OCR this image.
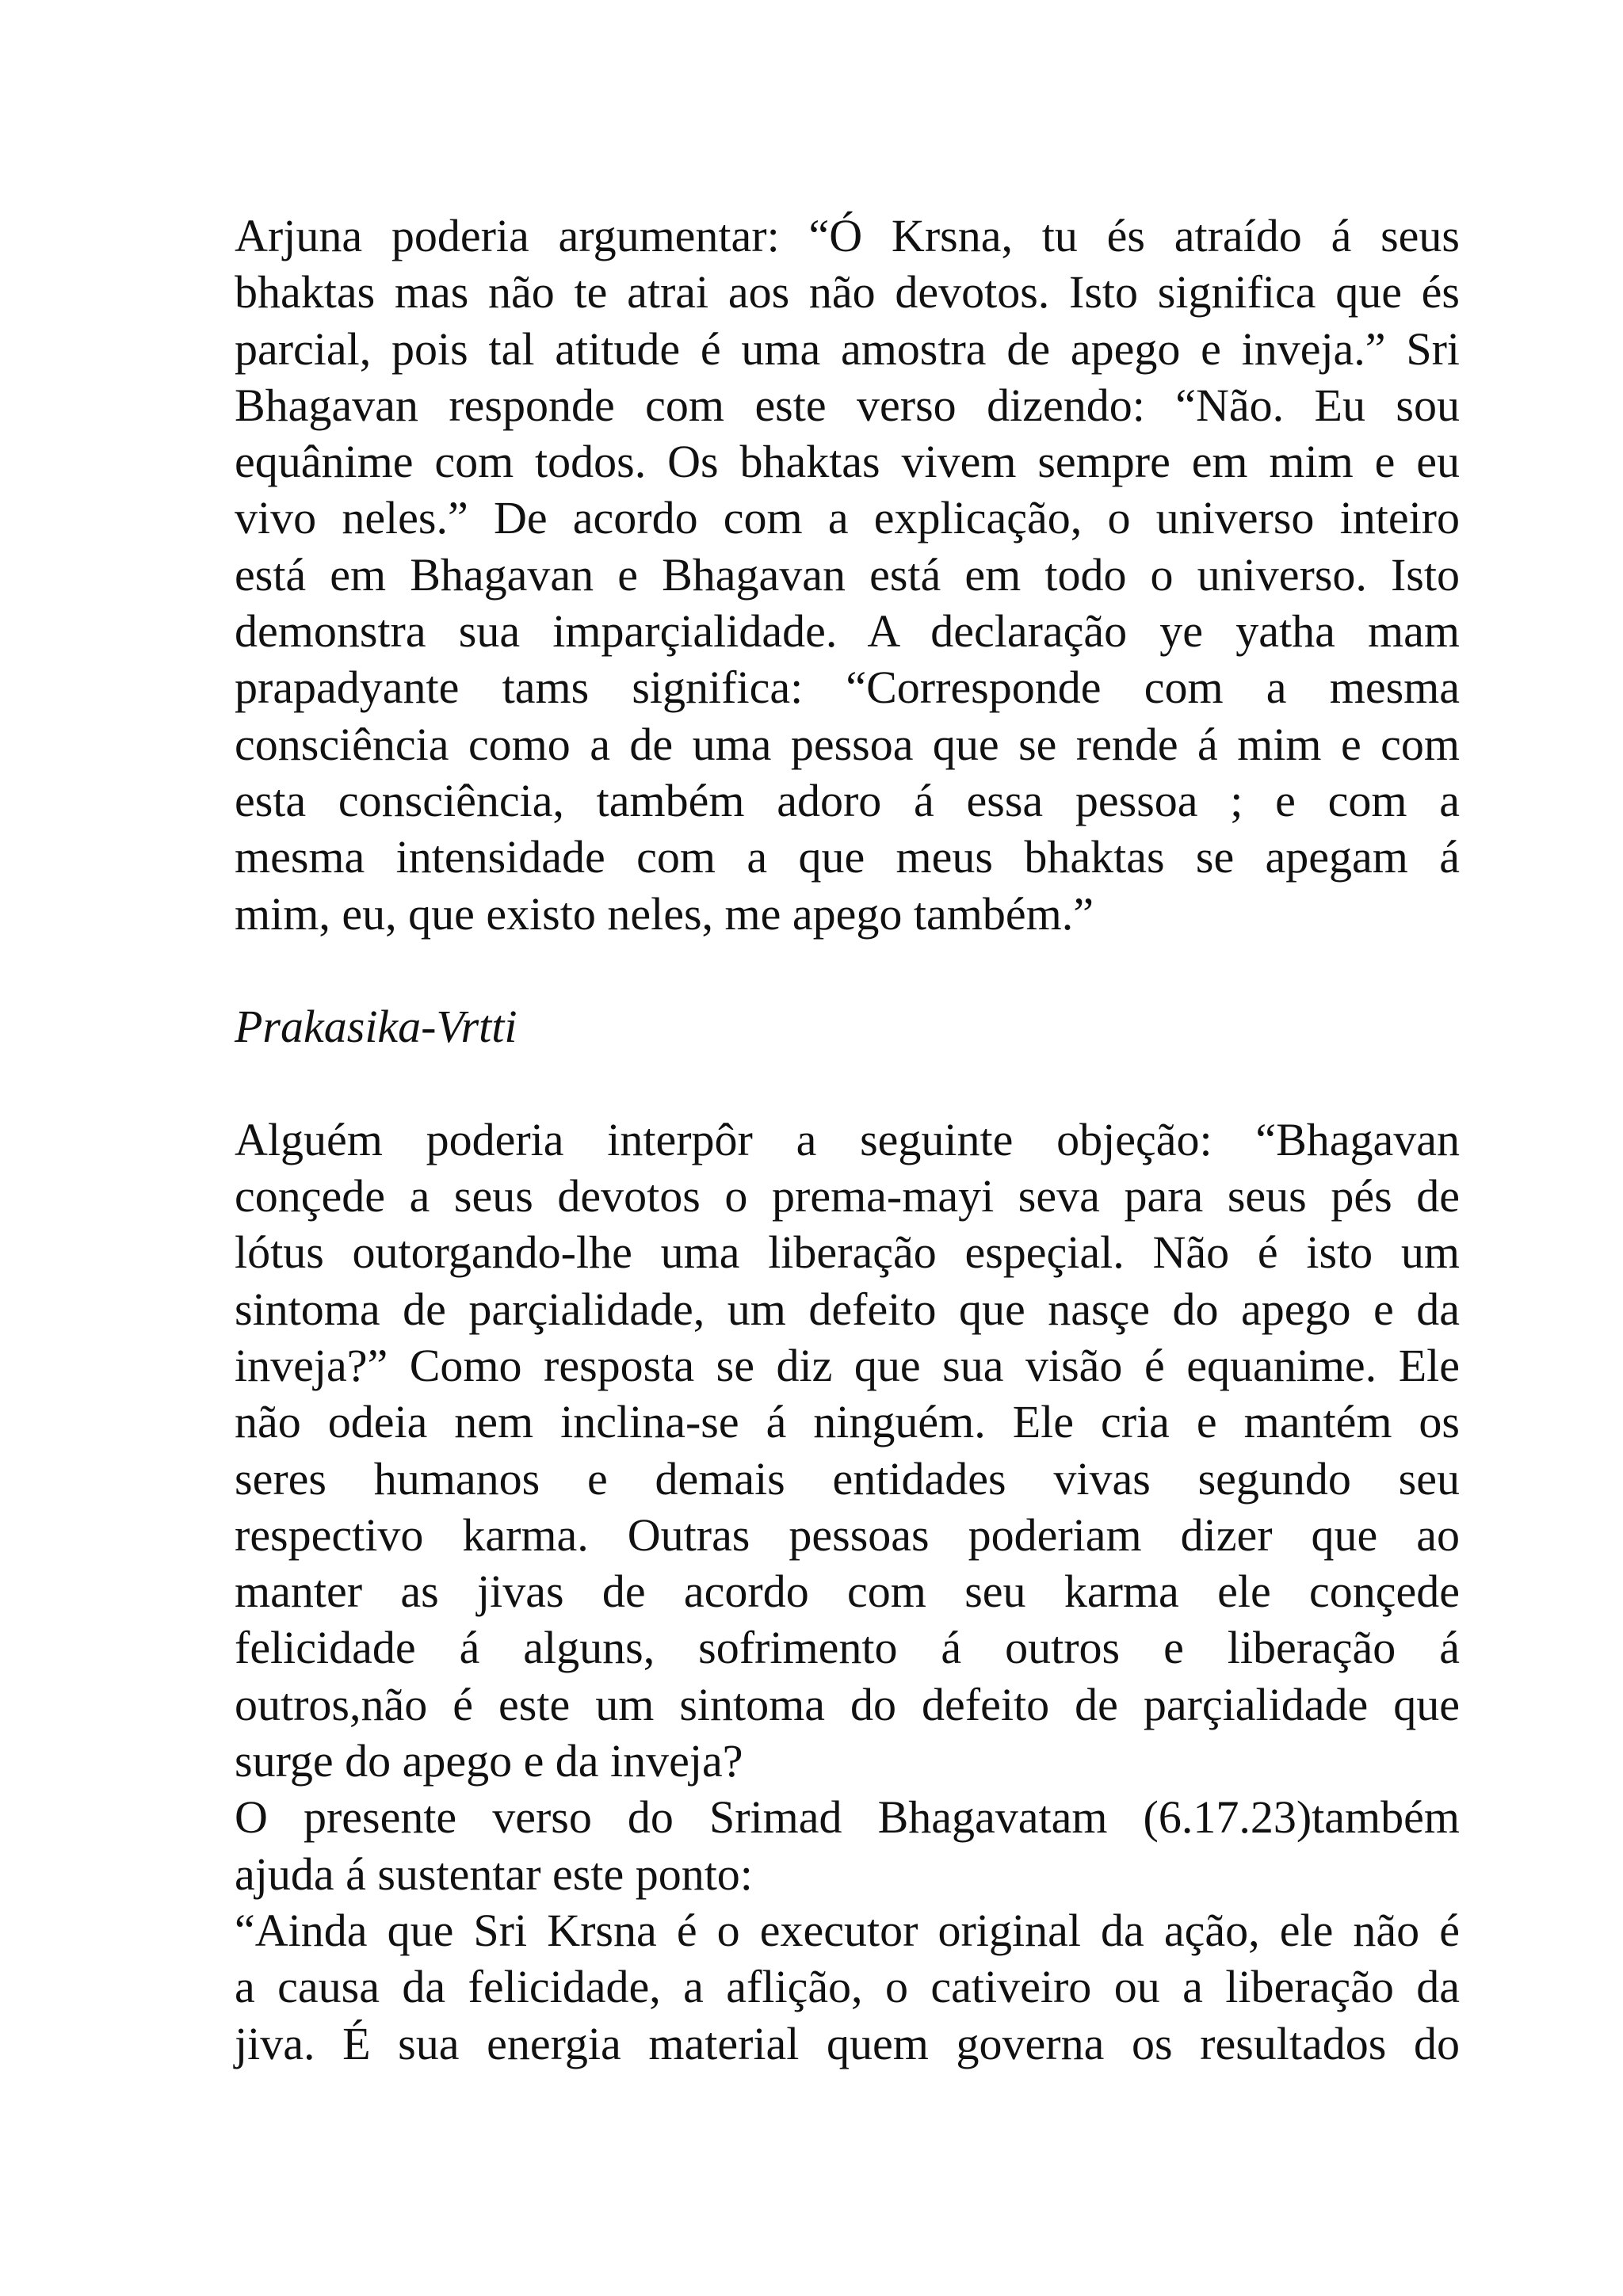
Arjuna poderia argumentar: “Ó Krsna, tu és atraído á seus
bhaktas mas não te atrai aos não devotos. Isto significa que és
parcial, pois tal atitude é uma amostra de apego e inveja.” Sri
Bhagavan responde com este verso dizendo: “Não. Eu sou
equânime com todos. Os bhaktas vivem sempre em mim e eu
vivo neles.” De acordo com a explicação, o universo inteiro
está em Bhagavan e Bhagavan está em todo o universo. Isto
demonstra sua imparçialidade. A declaração ye yatha mam
prapadyante tams significa: “Corresponde com a mesma
consciência como a de uma pessoa que se rende á mim e com
esta consciência, também adoro á essa pessoa ; e com a
mesma intensidade com a que meus bhaktas se apegam á
mim, eu, que existo neles, me apego também.”
Prakasika-Vrtti
Alguém poderia interpôr a seguinte objeção: “Bhagavan
conçede a seus devotos o prema-mayi seva para seus pés de
lótus outorgando-lhe uma liberação espeçial. Não é isto um
sintoma de parçialidade, um defeito que nasçe do apego e da
inveja?” Como resposta se diz que sua visão é equanime. Ele
não odeia nem inclina-se á ninguém. Ele cria e mantém os
seres humanos e demais entidades vivas segundo seu
respectivo karma. Outras pessoas poderiam dizer que ao
manter as jivas de acordo com seu karma ele conçede
felicidade á alguns, sofrimento á outros e liberação á
outros,não é este um sintoma do defeito de parçialidade que
surge do apego e da inveja?
O presente verso do Srimad Bhagavatam (6.17.23)também
ajuda á sustentar este ponto:
“Ainda que Sri Krsna é o executor original da ação, ele não é
a causa da felicidade, a aflição, o cativeiro ou a liberação da
jiva. É sua energia material quem governa os resultados do
